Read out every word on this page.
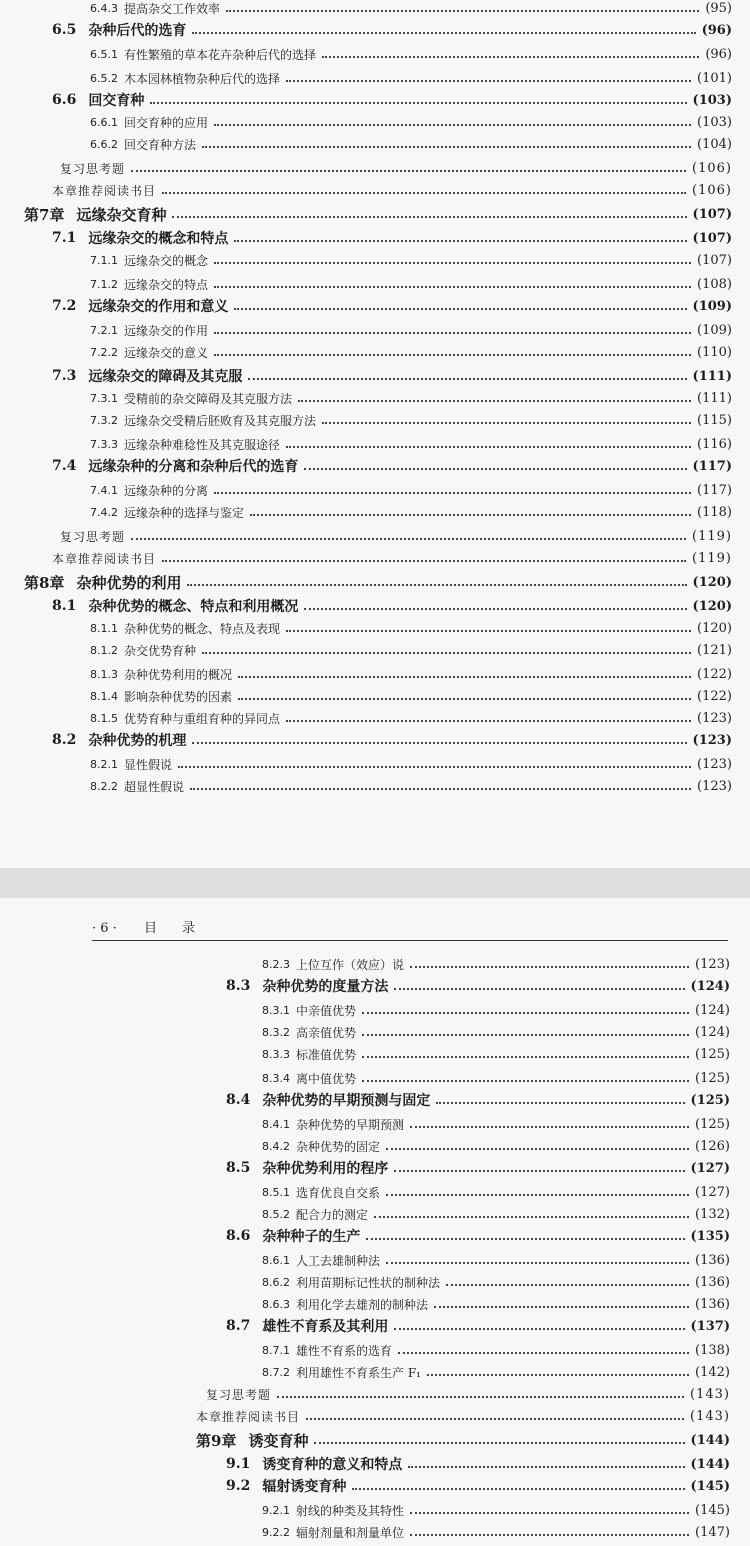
6.4.3 提高杂交工作效率	(95)
6.5 杂种后代的选育	(96)
6.5.1 有性繁殖的草本花卉杂种后代的选择	(96)
6.5.2 木本园林植物杂种后代的选择	(101)
6.6 回交育种	(103)
6.6.1 回交育种的应用	(103)
6.6.2 回交育种方法	(104)
复习思考题	(106)
本章推荐阅读书目	(106)
第7章 远缘杂交育种	(107)
7.1 远缘杂交的概念和特点	(107)
7.1.1 远缘杂交的概念	(107)
7.1.2 远缘杂交的特点	(108)
7.2 远缘杂交的作用和意义	(109)
7.2.1 远缘杂交的作用	(109)
7.2.2 远缘杂交的意义	(110)
7.3 远缘杂交的障碍及其克服	(111)
7.3.1 受精前的杂交障碍及其克服方法	(111)
7.3.2 远缘杂交受精后胚败育及其克服方法	(115)
7.3.3 远缘杂种难稔性及其克服途径	(116)
7.4 远缘杂种的分离和杂种后代的选育	(117)
7.4.1 远缘杂种的分离	(117)
7.4.2 远缘杂种的选择与鉴定	(118)
复习思考题	(119)
本章推荐阅读书目	(119)
第8章 杂种优势的利用	(120)
8.1 杂种优势的概念、特点和利用概况	(120)
8.1.1 杂种优势的概念、特点及表现	(120)
8.1.2 杂交优势育种	(121)
8.1.3 杂种优势利用的概况	(122)
8.1.4 影响杂种优势的因素	(122)
8.1.5 优势育种与重组育种的异同点	(123)
8.2 杂种优势的机理	(123)
8.2.1 显性假说	(123)
8.2.2 超显性假说	(123)
· 6 · 目　录
8.2.3 上位互作（效应）说	(123)
8.3 杂种优势的度量方法	(124)
8.3.1 中亲值优势	(124)
8.3.2 高亲值优势	(124)
8.3.3 标准值优势	(125)
8.3.4 离中值优势	(125)
8.4 杂种优势的早期预测与固定	(125)
8.4.1 杂种优势的早期预测	(125)
8.4.2 杂种优势的固定	(126)
8.5 杂种优势利用的程序	(127)
8.5.1 选育优良自交系	(127)
8.5.2 配合力的测定	(132)
8.6 杂种种子的生产	(135)
8.6.1 人工去雄制种法	(136)
8.6.2 利用苗期标记性状的制种法	(136)
8.6.3 利用化学去雄剂的制种法	(136)
8.7 雄性不育系及其利用	(137)
8.7.1 雄性不育系的选育	(138)
8.7.2 利用雄性不育系生产 F₁	(142)
复习思考题	(143)
本章推荐阅读书目	(143)
第9章 诱变育种	(144)
9.1 诱变育种的意义和特点	(144)
9.2 辐射诱变育种	(145)
9.2.1 射线的种类及其特性	(145)
9.2.2 辐射剂量和剂量单位	(147)
